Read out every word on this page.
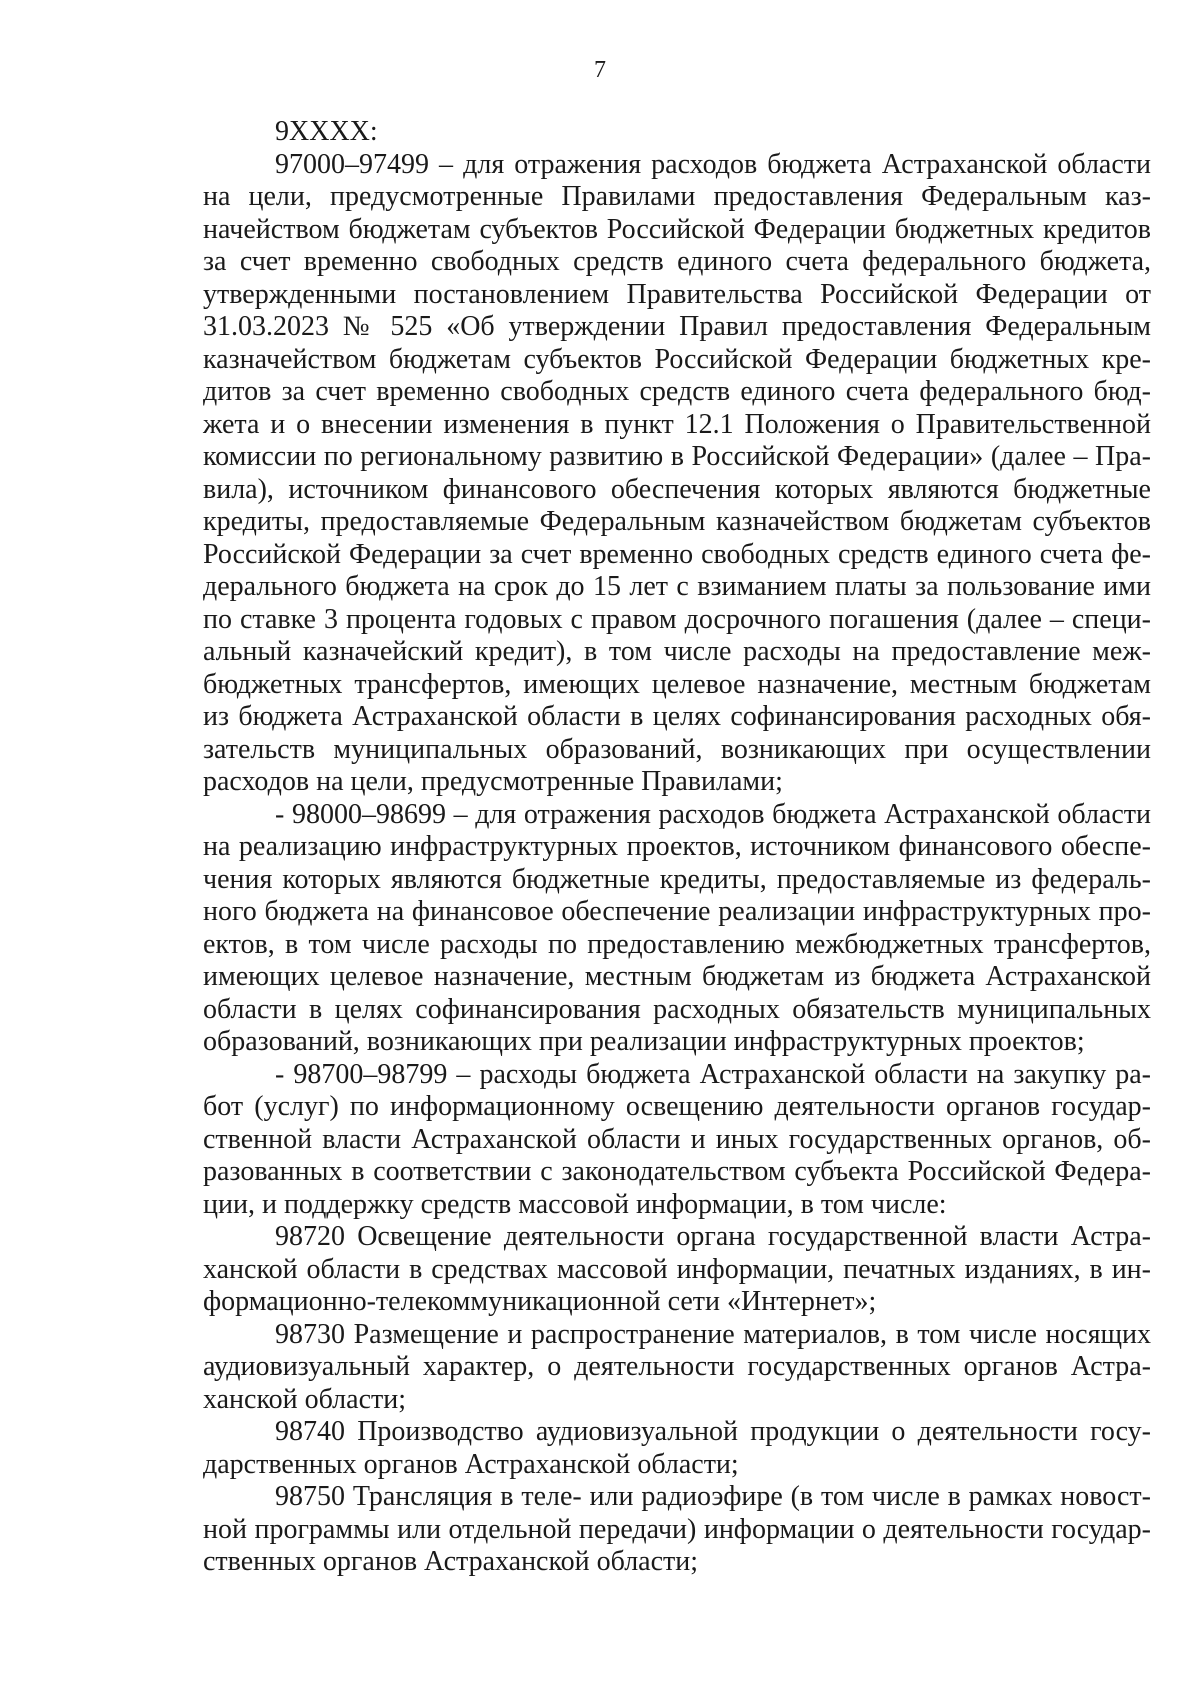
7

9XXXX:

97000–97499 – для отражения расходов бюджета Астраханской области на цели, предусмотренные Правилами предоставления Федеральным казначейством бюджетам субъектов Российской Федерации бюджетных кредитов за счет временно свободных средств единого счета федерального бюджета, утвержденными постановлением Правительства Российской Федерации от 31.03.2023 № 525 «Об утверждении Правил предоставления Федеральным казначейством бюджетам субъектов Российской Федерации бюджетных кредитов за счет временно свободных средств единого счета федерального бюджета и о внесении изменения в пункт 12.1 Положения о Правительственной комиссии по региональному развитию в Российской Федерации» (далее – Правила), источником финансового обеспечения которых являются бюджетные кредиты, предоставляемые Федеральным казначейством бюджетам субъектов Российской Федерации за счет временно свободных средств единого счета федерального бюджета на срок до 15 лет с взиманием платы за пользование ими по ставке 3 процента годовых с правом досрочного погашения (далее – специальный казначейский кредит), в том числе расходы на предоставление межбюджетных трансфертов, имеющих целевое назначение, местным бюджетам из бюджета Астраханской области в целях софинансирования расходных обязательств муниципальных образований, возникающих при осуществлении расходов на цели, предусмотренные Правилами;

- 98000–98699 – для отражения расходов бюджета Астраханской области на реализацию инфраструктурных проектов, источником финансового обеспечения которых являются бюджетные кредиты, предоставляемые из федерального бюджета на финансовое обеспечение реализации инфраструктурных проектов, в том числе расходы по предоставлению межбюджетных трансфертов, имеющих целевое назначение, местным бюджетам из бюджета Астраханской области в целях софинансирования расходных обязательств муниципальных образований, возникающих при реализации инфраструктурных проектов;

- 98700–98799 – расходы бюджета Астраханской области на закупку работ (услуг) по информационному освещению деятельности органов государственной власти Астраханской области и иных государственных органов, образованных в соответствии с законодательством субъекта Российской Федерации, и поддержку средств массовой информации, в том числе:

98720 Освещение деятельности органа государственной власти Астраханской области в средствах массовой информации, печатных изданиях, в информационно-телекоммуникационной сети «Интернет»;

98730 Размещение и распространение материалов, в том числе носящих аудиовизуальный характер, о деятельности государственных органов Астраханской области;

98740 Производство аудиовизуальной продукции о деятельности государственных органов Астраханской области;

98750 Трансляция в теле- или радиоэфире (в том числе в рамках новостной программы или отдельной передачи) информации о деятельности государственных органов Астраханской области;
